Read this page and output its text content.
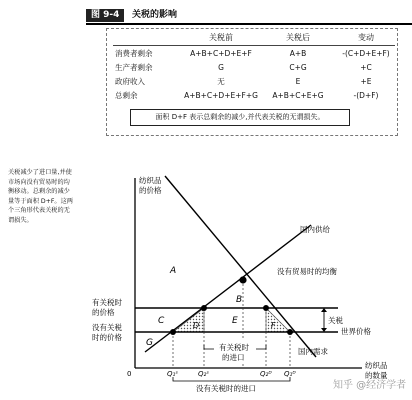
图 9-4	关税的影响
关税前	关税后	变动
消费者剩余	A+B+C+D+E+F	A+B	-(C+D+E+F)
生产者剩余	G	C+G	+C
政府收入	无	E	+E
总剩余	A+B+C+D+E+F+G	A+B+C+E+G	-(D+F)
面积 D+F 表示总剩余的减少,并代表关税的无谓损失。
关税减少了进口量,并使市场向没有贸易时的均衡移动。总剩余的减少量等于面积 D+F。这两个三角形代表关税的无谓损失。
纺织品
的价格
纺织品
的数量
0
国内供给
国内需求
没有贸易时的均衡
世界价格
关税
有关税时
的价格
没有关税
时的价格
A
B
C	D	E	F
G
Q₁ˢ	Q₂ˢ	Q₂ᴰ Q₁ᴰ
有关税时
的进口
没有关税时的进口	知乎 @经济学者
